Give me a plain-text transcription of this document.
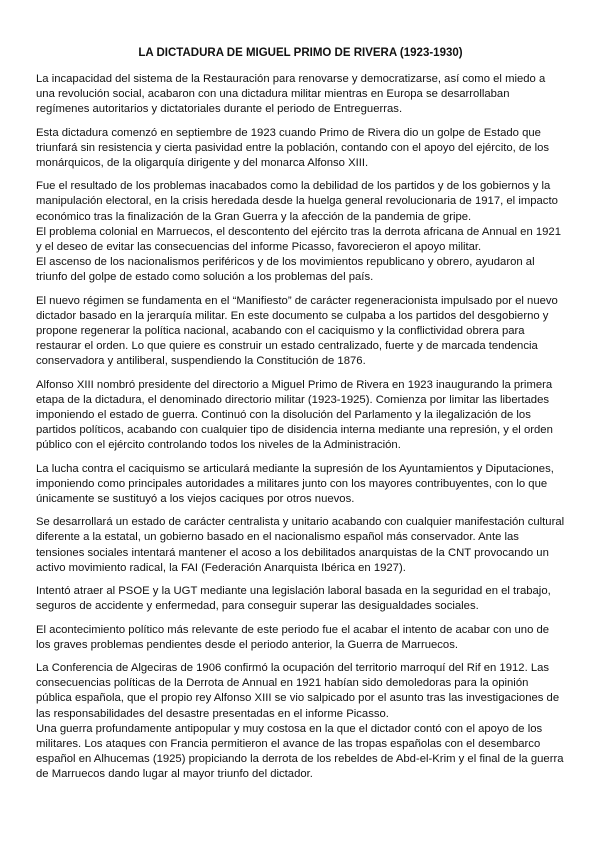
LA DICTADURA DE MIGUEL PRIMO DE RIVERA (1923-1930)

La incapacidad del sistema de la Restauración para renovarse y democratizarse, así como el miedo a una revolución social, acabaron con una dictadura militar mientras en Europa se desarrollaban regímenes autoritarios y dictatoriales durante el periodo de Entreguerras.

Esta dictadura comenzó en septiembre de 1923 cuando Primo de Rivera dio un golpe de Estado que triunfará sin resistencia y cierta pasividad entre la población, contando con el apoyo del ejército, de los monárquicos, de la oligarquía dirigente y del monarca Alfonso XIII.

Fue el resultado de los problemas inacabados como la debilidad de los partidos y de los gobiernos y la manipulación electoral, en la crisis heredada desde la huelga general revolucionaria de 1917, el impacto económico tras la finalización de la Gran Guerra y la afección de la pandemia de gripe.

El problema colonial en Marruecos, el descontento del ejército tras la derrota africana de Annual en 1921 y el deseo de evitar las consecuencias del informe Picasso, favorecieron el apoyo militar.

El ascenso de los nacionalismos periféricos y de los movimientos republicano y obrero, ayudaron al triunfo del golpe de estado como solución a los problemas del país.

El nuevo régimen se fundamenta en el “Manifiesto” de carácter regeneracionista impulsado por el nuevo dictador basado en la jerarquía militar. En este documento se culpaba a los partidos del desgobierno y propone regenerar la política nacional, acabando con el caciquismo y la conflictividad obrera para restaurar el orden. Lo que quiere es construir un estado centralizado, fuerte y de marcada tendencia conservadora y antiliberal, suspendiendo la Constitución de 1876.

Alfonso XIII nombró presidente del directorio a Miguel Primo de Rivera en 1923 inaugurando la primera etapa de la dictadura, el denominado directorio militar (1923-1925). Comienza por limitar las libertades imponiendo el estado de guerra. Continuó con la disolución del Parlamento y la ilegalización de los partidos políticos, acabando con cualquier tipo de disidencia interna mediante una represión, y el orden público con el ejército controlando todos los niveles de la Administración.

La lucha contra el caciquismo se articulará mediante la supresión de los Ayuntamientos y Diputaciones, imponiendo como principales autoridades a militares junto con los mayores contribuyentes, con lo que únicamente se sustituyó a los viejos caciques por otros nuevos.

Se desarrollará un estado de carácter centralista y unitario acabando con cualquier manifestación cultural diferente a la estatal, un gobierno basado en el nacionalismo español más conservador. Ante las tensiones sociales intentará mantener el acoso a los debilitados anarquistas de la CNT provocando un activo movimiento radical, la FAI (Federación Anarquista Ibérica en 1927).

Intentó atraer al PSOE y la UGT mediante una legislación laboral basada en la seguridad en el trabajo, seguros de accidente y enfermedad, para conseguir superar las desigualdades sociales.

El acontecimiento político más relevante de este periodo fue el acabar el intento de acabar con uno de los graves problemas pendientes desde el periodo anterior, la Guerra de Marruecos.

La Conferencia de Algeciras de 1906 confirmó la ocupación del territorio marroquí del Rif en 1912. Las consecuencias políticas de la Derrota de Annual en 1921 habían sido demoledoras para la opinión pública española, que el propio rey Alfonso XIII se vio salpicado por el asunto tras las investigaciones de las responsabilidades del desastre presentadas en el informe Picasso.

Una guerra profundamente antipopular y muy costosa en la que el dictador contó con el apoyo de los militares. Los ataques con Francia permitieron el avance de las tropas españolas con el desembarco español en Alhucemas (1925) propiciando la derrota de los rebeldes de Abd-el-Krim y el final de la guerra de Marruecos dando lugar al mayor triunfo del dictador.
